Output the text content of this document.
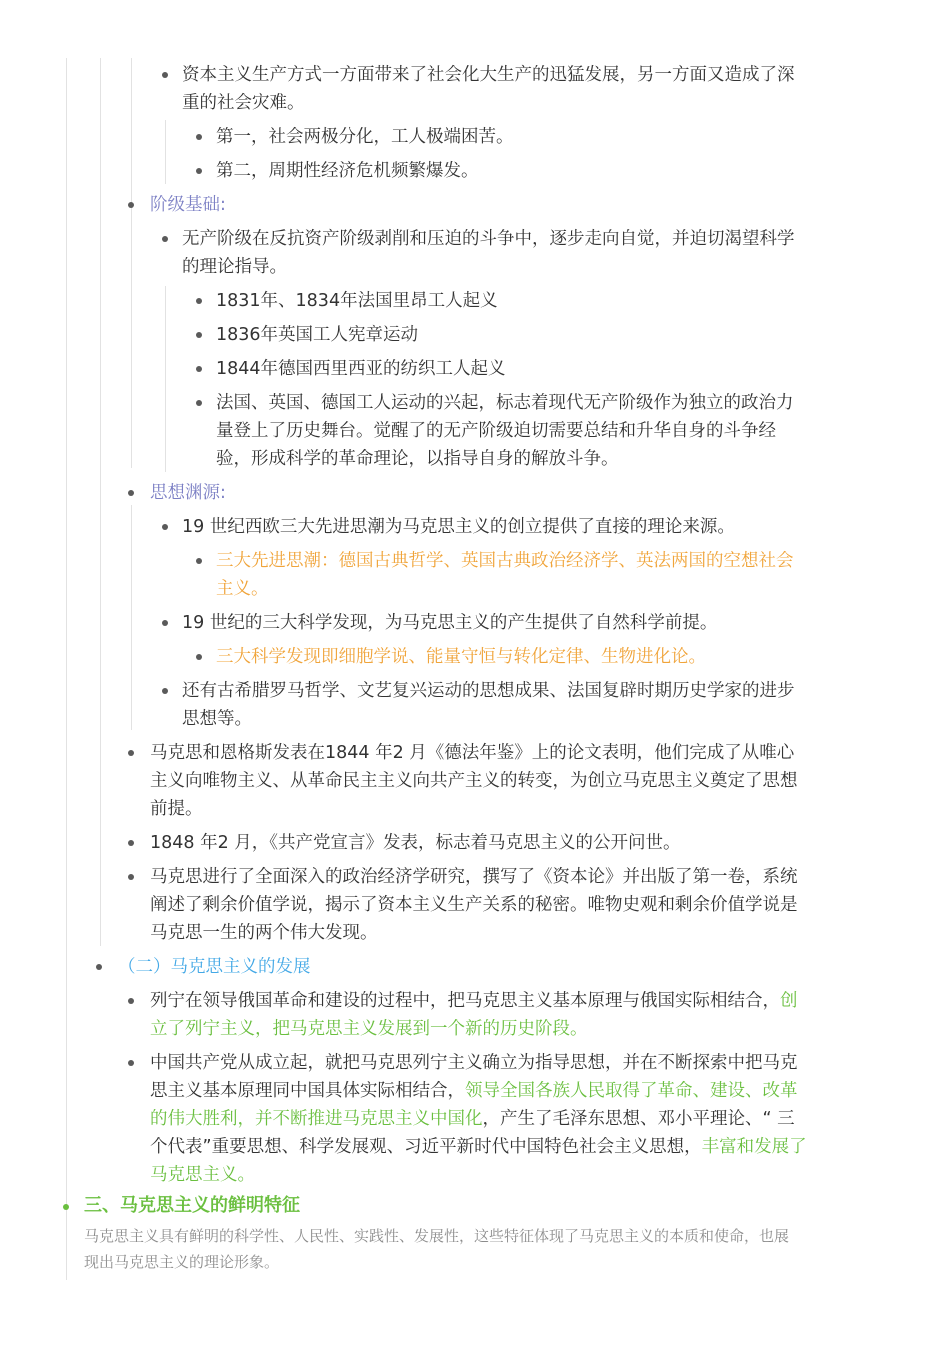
资本主义生产方式一方面带来了社会化大生产的迅猛发展，另一方面又造成了深重的社会灾难。
第一，社会两极分化，工人极端困苦。
第二，周期性经济危机频繁爆发。
阶级基础:
无产阶级在反抗资产阶级剥削和压迫的斗争中，逐步走向自觉，并迫切渴望科学的理论指导。
1831年、1834年法国里昂工人起义
1836年英国工人宪章运动
1844年德国西里西亚的纺织工人起义
法国、英国、德国工人运动的兴起，标志着现代无产阶级作为独立的政治力量登上了历史舞台。觉醒了的无产阶级迫切需要总结和升华自身的斗争经验，形成科学的革命理论，以指导自身的解放斗争。
思想渊源:
19 世纪西欧三大先进思潮为马克思主义的创立提供了直接的理论来源。
三大先进思潮：德国古典哲学、英国古典政治经济学、英法两国的空想社会主义。
19 世纪的三大科学发现，为马克思主义的产生提供了自然科学前提。
三大科学发现即细胞学说、能量守恒与转化定律、生物进化论。
还有古希腊罗马哲学、文艺复兴运动的思想成果、法国复辟时期历史学家的进步思想等。
马克思和恩格斯发表在1844 年2 月《德法年鉴》上的论文表明，他们完成了从唯心主义向唯物主义、从革命民主主义向共产主义的转变，为创立马克思主义奠定了思想前提。
1848 年2 月，《共产党宣言》发表，标志着马克思主义的公开问世。
马克思进行了全面深入的政治经济学研究，撰写了《资本论》并出版了第一卷，系统阐述了剩余价值学说，揭示了资本主义生产关系的秘密。唯物史观和剩余价值学说是马克思一生的两个伟大发现。
（二）马克思主义的发展
列宁在领导俄国革命和建设的过程中，把马克思主义基本原理与俄国实际相结合，创立了列宁主义，把马克思主义发展到一个新的历史阶段。
中国共产党从成立起，就把马克思列宁主义确立为指导思想，并在不断探索中把马克思主义基本原理同中国具体实际相结合，领导全国各族人民取得了革命、建设、改革的伟大胜利，并不断推进马克思主义中国化，产生了毛泽东思想、邓小平理论、“ 三个代表”重要思想、科学发展观、习近平新时代中国特色社会主义思想，丰富和发展了马克思主义。
三、马克思主义的鲜明特征
马克思主义具有鲜明的科学性、人民性、实践性、发展性，这些特征体现了马克思主义的本质和使命，也展现出马克思主义的理论形象。
